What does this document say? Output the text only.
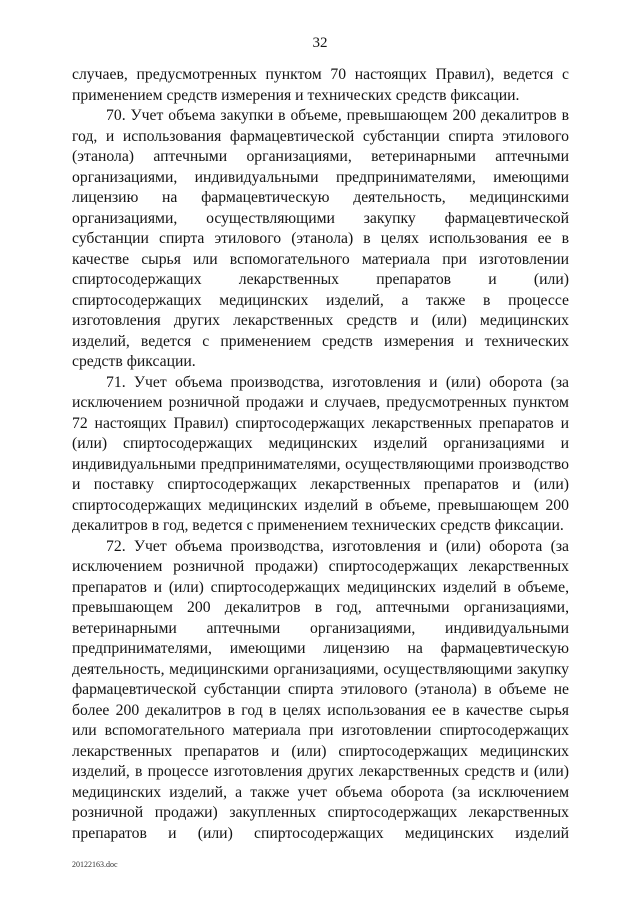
32

случаев, предусмотренных пунктом 70 настоящих Правил), ведется с применением средств измерения и технических средств фиксации.

70. Учет объема закупки в объеме, превышающем 200 декалитров в год, и использования фармацевтической субстанции спирта этилового (этанола) аптечными организациями, ветеринарными аптечными организациями, индивидуальными предпринимателями, имеющими лицензию на фармацевтическую деятельность, медицинскими организациями, осуществляющими закупку фармацевтической субстанции спирта этилового (этанола) в целях использования ее в качестве сырья или вспомогательного материала при изготовлении спиртосодержащих лекарственных препаратов и (или) спиртосодержащих медицинских изделий, а также в процессе изготовления других лекарственных средств и (или) медицинских изделий, ведется с применением средств измерения и технических средств фиксации.

71. Учет объема производства, изготовления и (или) оборота (за исключением розничной продажи и случаев, предусмотренных пунктом 72 настоящих Правил) спиртосодержащих лекарственных препаратов и (или) спиртосодержащих медицинских изделий организациями и индивидуальными предпринимателями, осуществляющими производство и поставку спиртосодержащих лекарственных препаратов и (или) спиртосодержащих медицинских изделий в объеме, превышающем 200 декалитров в год, ведется с применением технических средств фиксации.

72. Учет объема производства, изготовления и (или) оборота (за исключением розничной продажи) спиртосодержащих лекарственных препаратов и (или) спиртосодержащих медицинских изделий в объеме, превышающем 200 декалитров в год, аптечными организациями, ветеринарными аптечными организациями, индивидуальными предпринимателями, имеющими лицензию на фармацевтическую деятельность, медицинскими организациями, осуществляющими закупку фармацевтической субстанции спирта этилового (этанола) в объеме не более 200 декалитров в год в целях использования ее в качестве сырья или вспомогательного материала при изготовлении спиртосодержащих лекарственных препаратов и (или) спиртосодержащих медицинских изделий, в процессе изготовления других лекарственных средств и (или) медицинских изделий, а также учет объема оборота (за исключением розничной продажи) закупленных спиртосодержащих лекарственных препаратов и (или) спиртосодержащих медицинских изделий

20122163.doc
